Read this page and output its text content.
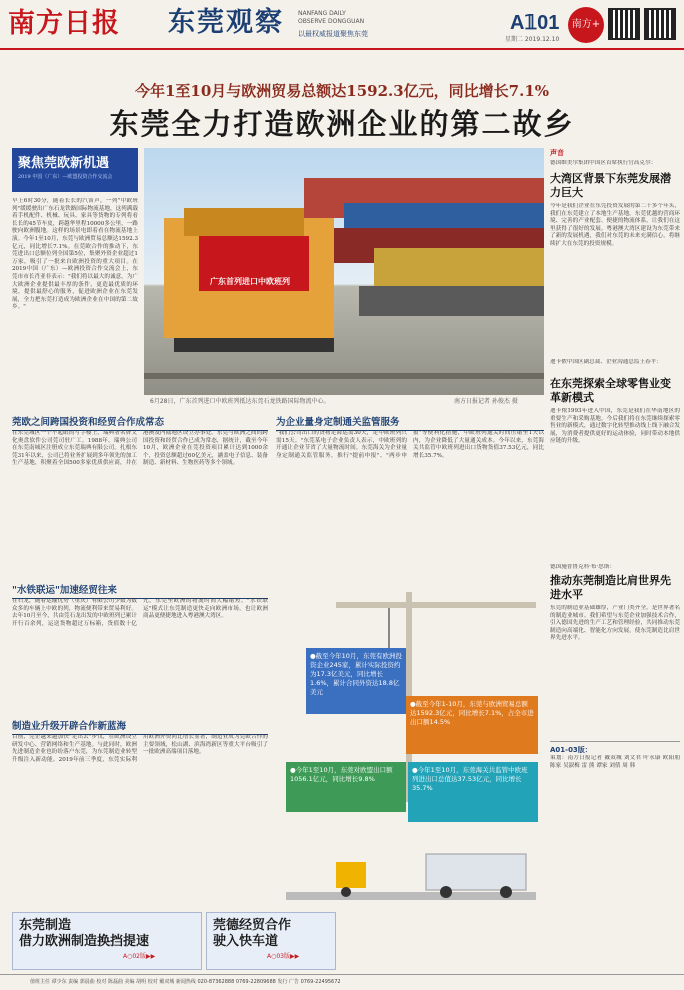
南方日报	东莞观察 NANFANG DAILY
OBSERVE DONGGUAN
以最权威报道聚焦东莞	A𝟙01
星期二 2019.12.10
南方+
今年1至10月与欧洲贸易总额达1592.3亿元，同比增长7.1%
东莞全力打造欧洲企业的第二故乡
聚焦莞欧新机遇
2019 中国（广东）—欧盟投资合作交流会
早上6时30分，随着长长的汽笛声，一列"中欧班列"缓缓驶出广东石龙铁路国际物流基地，这列满载着手机配件、机械、玩具、家具等货物的专列将看长长的45节车皮，跨越华里程10000多公里，一路驶向欧洲腹地。这样的场景电即着看在物流基地上演。今年1至10月，东莞与欧洲贸易总额达1592.3亿元，同比增长7.1%。在莞欧合作的推动下，东莞进出口总额位列全国第5位，集聚外资企业超过1万家，吸引了一批来自欧洲投资的重大项目。在2019中国（广东）—欧洲投资合作交流会上，东莞市市长肖亚非表示："我们将以最大的诚意，为广大欧洲企业提供最丰厚的条件，更造最优质的环境，提供最舒心的服务，促进欧洲企业在东莞发展，全力把东莞打造成为欧洲企业在中国的第二故乡。"
广东首列进口中欧班列
6月28日，广东首列进口中欧班列抵达东莞石龙铁路国际物流中心。	南方日报记者 孙俊杰 摄
声音
德国维美尔集团中国区首席执行官高克尔：
大湾区背景下东莞发展潜力巨大
今年是我们企业在东莞投资发展的第二十多个年头，我们在东莞建立了本地生产基地。东莞优越的营商环境、完善的产业配套、便捷的物流体系，让我们在这里获得了很好的发展。粤港澳大湾区建设为东莞带来了新的发展机遇，我们对东莞的未来充满信心，将继续扩大在东莞的投资规模。
迪卡侬中国区副总裁、企业沟通总监王春平：
在东莞探索全球零售业变革新模式
迪卡侬1993年进入中国，东莞是我们在华南地区的重要生产和采购基地。今后我们将在东莞继续探索零售业的新模式，通过数字化转型推动线上线下融合发展，为消费者提供更好的运动体验，同时带动本地供应链的升级。
德国施普鲁克科·布·思斯：
推动东莞制造比肩世界先进水平
东莞的制造业基础雄厚，产业门类齐全，是世界著名的制造业城市。我们希望与东莞企业加强技术合作，引入德国先进的生产工艺和管理经验，共同推动东莞制造向高端化、智能化方向发展，使东莞制造比肩世界先进水平。
A01-03版：
策划：南方日报记者 戴双城 刘文君 叶永康 欧阳朋 陈家 吴淑梅 雷 熊 谭家 刘倩 周 韩
莞欧之间跨国投资和经贸合作成常态
在东莞城区一个不起眼的写字楼上，瑞典著名牌文化奥盘软件公司莞司驻广工。1988年，瑞典公司在东莞南城区注册成立东莞瑞典有限公司。扎根东莞31年以来，公司已将业务扩展到多年领先的加工生产基地，积聚着全国500多家优质供应商，并在港澳及内陆地区设立办事处。东莞与欧洲之间的跨国投资和经贸合作已成为常态，据统计，截至今年10月，欧洲企业在莞投资项目累计达到1000余个，投资总额超过60亿美元，涵盖电子信息、装备制造、新材料、生物医药等多个领域。
"水铁联运"加速经贸往来
在石龙，随着运输优势（重庆）有限公司少数为数众多的车辆上中欧的列，物流便利带来贸易利好。去年10月至今，共由莞石龙出发的中欧班列已累计开行百余列，运送货物超过万标箱，货值数十亿元，东莞至欧洲的物流时间大幅缩短。"水铁联运"模式让东莞制造更快走向欧洲市场，也让欧洲商品更便捷地进入粤港澳大湾区。
为企业量身定制通关监管服务
"我们公司出口的货物走海运需30天，走中欧班列只需15天。"东莞某电子企业负责人表示，中欧班列的开通让企业节省了大量物流时间。东莞海关为企业量身定制通关监管服务，推行"提前申报"、"两步申报"等便利化措施，中欧班列通关时间压缩至1天以内，为企业降低了大量通关成本。今年以来，东莞海关共监管中欧班列进出口货物货值37.53亿元，同比增长35.7%。
制造业升级开辟合作新蓝海
目前，莞企越来越加快"走出去"步伐，在欧洲设立研发中心、营销网络和生产基地。与此同时，欧洲先进制造企业也纷纷落户东莞，为东莞制造业转型升级注入新动能。2019年前三季度，东莞实际利用欧洲外资同比增长显著，制造业成为莞欧合作的主要领域，松山湖、滨海湾新区等重大平台吸引了一批欧洲高端项目落地。
●截至今年10月，东莞有欧洲投资企业245家，累计实际投资约为17.3亿美元，同比增长1.6%，累计合同外资达18.8亿美元
●截至今年1-10月，东莞与欧洲贸易总额达1592.3亿元，同比增长7.1%，占全市进出口额14.5%
●今年1至10月，东莞对欧盟出口额1056.1亿元，同比增长9.8%
●今年1至10月，东莞海关共监管中欧班列进出口总值达37.53亿元，同比增长35.7%
东莞制造
借力欧洲制造换挡提速
A○02版▶▶
莞德经贸合作
驶入快车道
A○03版▶▶
值班主任 谭少东 责编 郭晨曲 校对 陈磊曲 美编 胡明 校对 戴双城 新闻热线 020-87362888 0769-22809688 发行 广告 0769-22495672
